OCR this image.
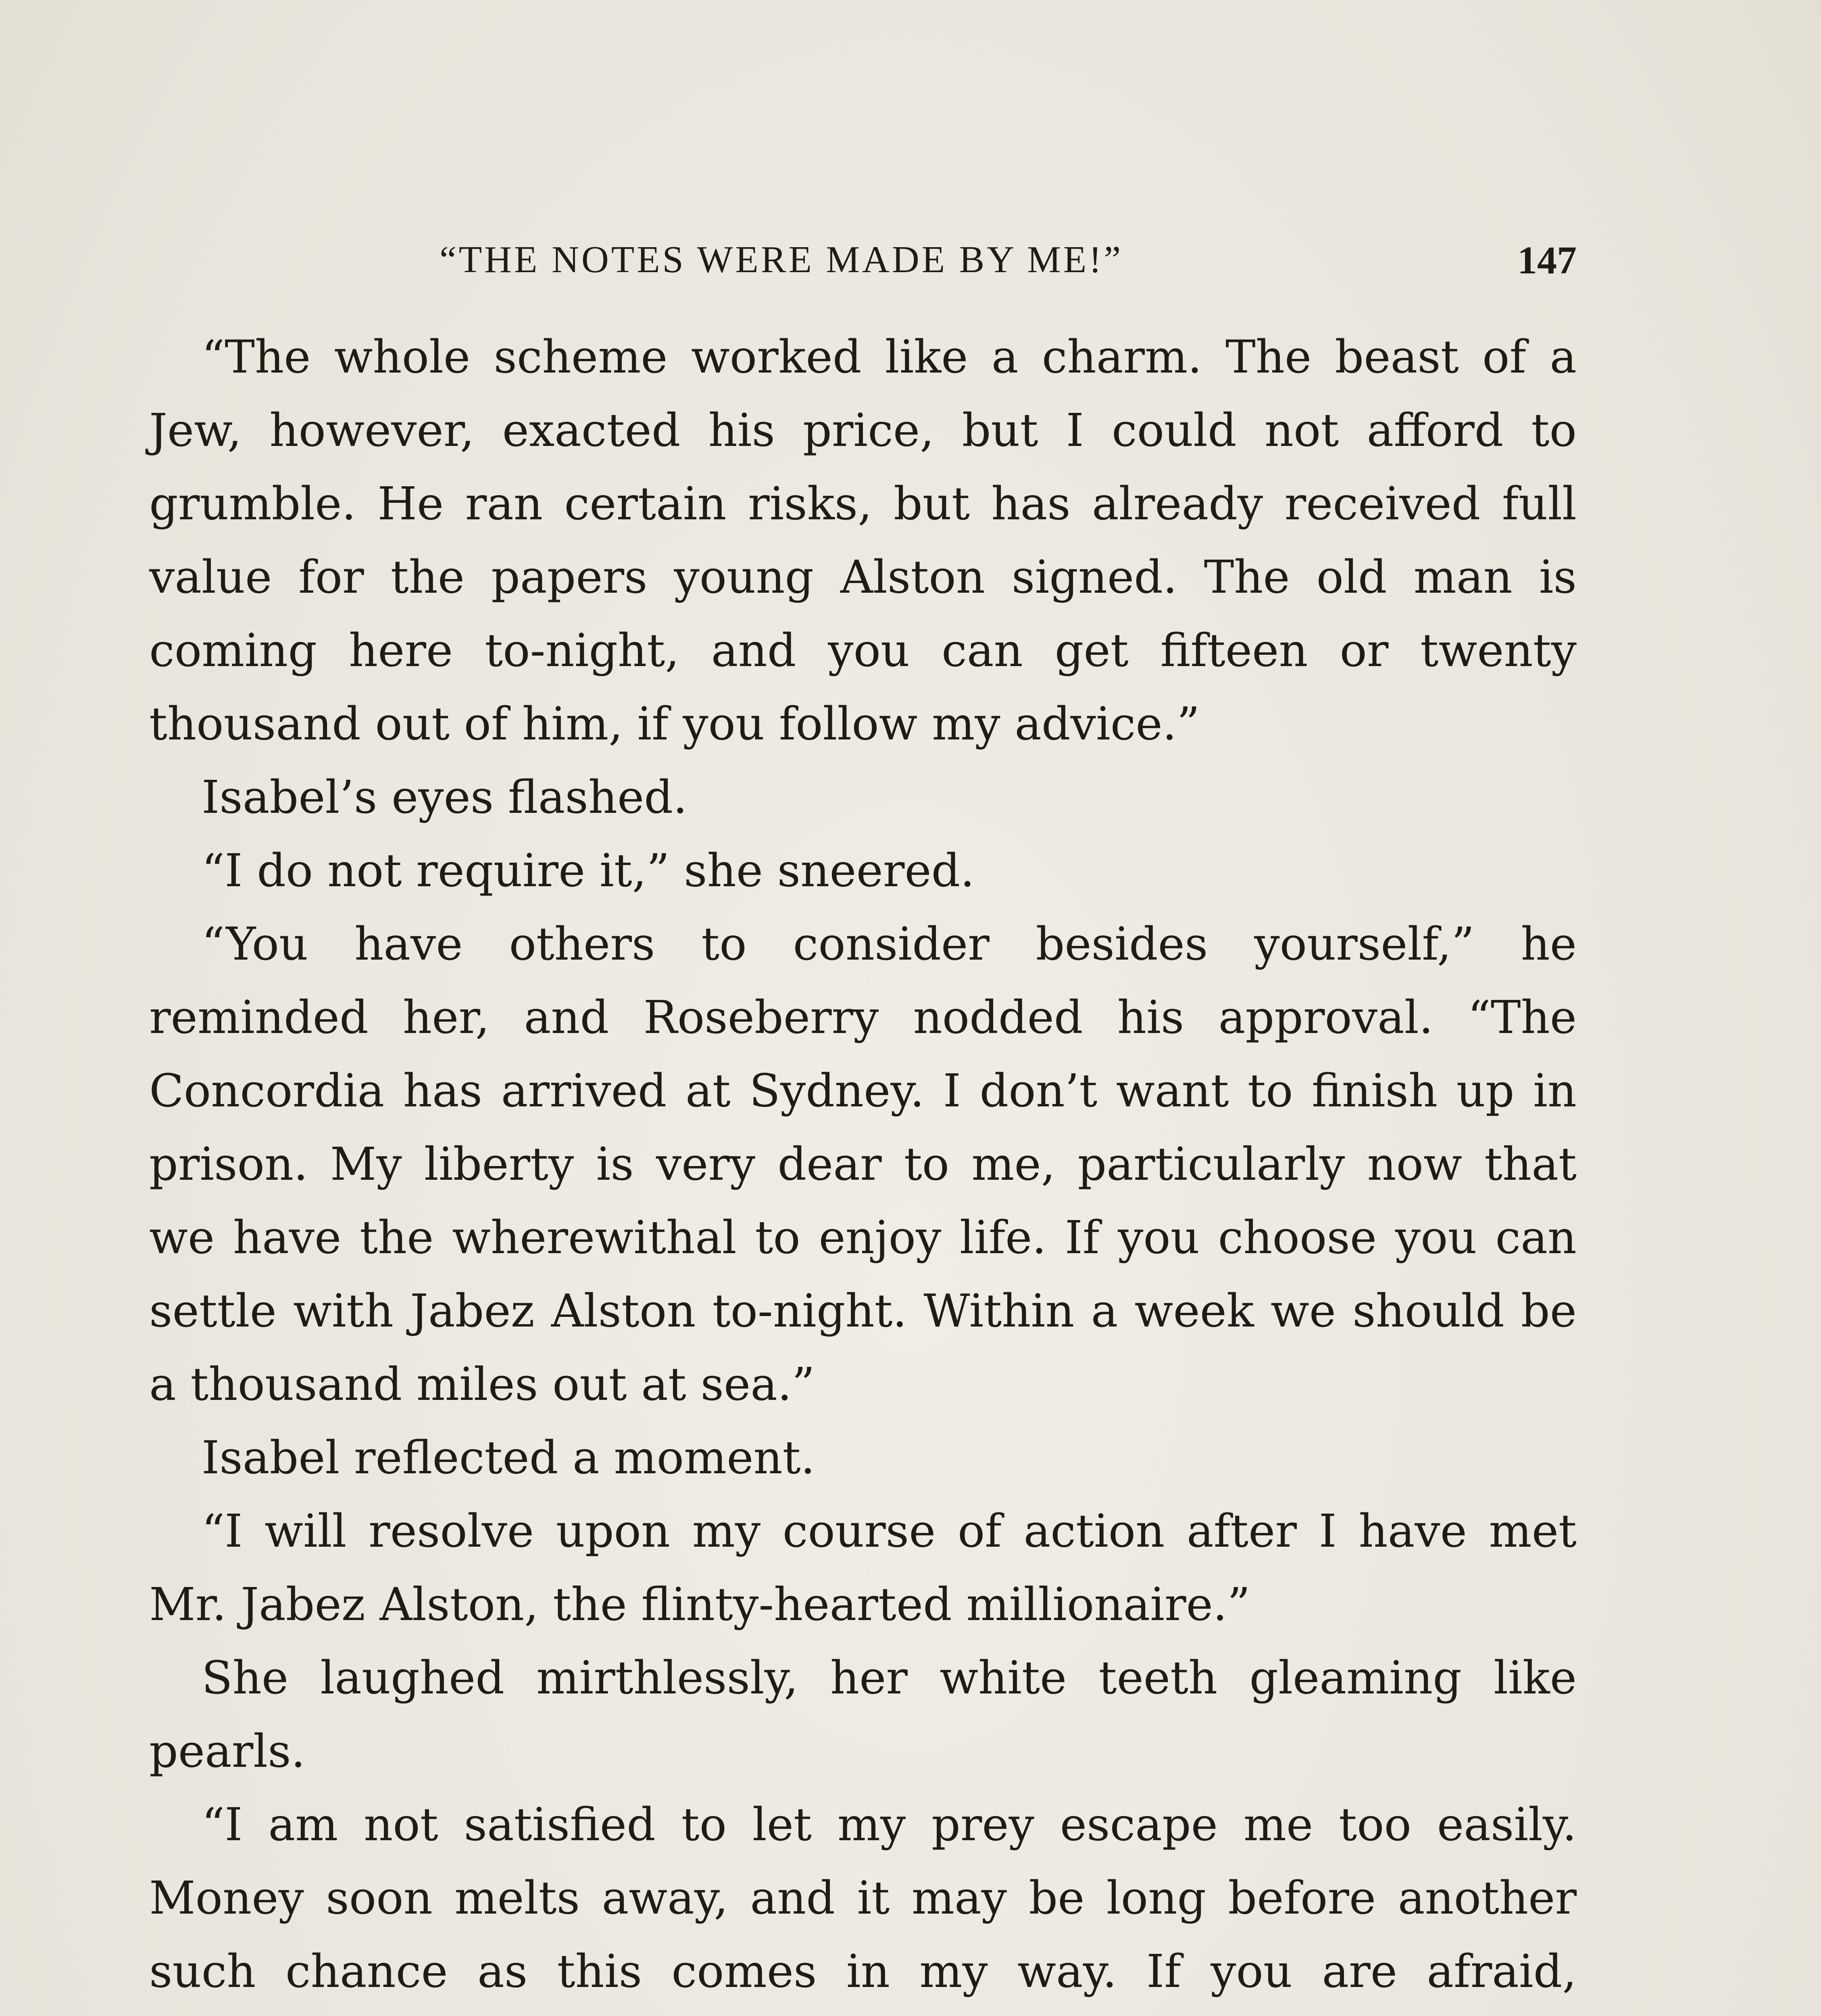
“THE NOTES WERE MADE BY ME!”	147

“The whole scheme worked like a charm. The beast of a Jew, however, exacted his price, but I could not afford to grumble. He ran certain risks, but has already received full value for the papers young Alston signed. The old man is coming here to-night, and you can get fifteen or twenty thousand out of him, if you follow my advice.”

Isabel’s eyes flashed.

“I do not require it,” she sneered.

“You have others to consider besides yourself,” he reminded her, and Roseberry nodded his approval. “The Concordia has arrived at Sydney. I don’t want to finish up in prison. My liberty is very dear to me, particularly now that we have the wherewithal to enjoy life. If you choose you can settle with Jabez Alston to-night. Within a week we should be a thousand miles out at sea.”

Isabel reflected a moment.

“I will resolve upon my course of action after I have met Mr. Jabez Alston, the flinty-hearted millionaire.”

She laughed mirthlessly, her white teeth gleaming like pearls.

“I am not satisfied to let my prey escape me too easily. Money soon melts away, and it may be long before another such chance as this comes in my way. If you are afraid,
